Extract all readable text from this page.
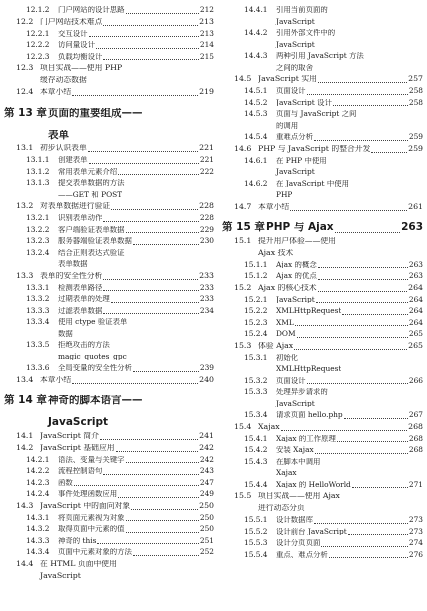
12.1.2	门户网站的设计思路	212
12.2 门户网站技术难点	213
12.2.1	交互设计	213
12.2.2	访问量设计	214
12.2.3	负载均衡设计	215
12.3 项目实战——使用 PHP
缓存动态数据
12.4 本章小结	219
第 13 章 页面的重要组成——
表单
13.1 初步认识表单	221
13.1.1	创建表单	221
13.1.2	常用表单元素介绍	222
13.1.3	提交表单数据的方法
——GET 和 POST
13.2 对表单数据进行验证	228
13.2.1	识别表单动作	228
13.2.2	客户端验证表单数据	229
13.2.3	服务器端验证表单数据	230
13.2.4	结合正则表达式验证
表单数据
13.3 表单的安全性分析	233
13.3.1	检测表单路径	233
13.3.2	过期表单的处理	233
13.3.3	过滤表单数据	234
13.3.4	使用 ctype 验证表单
数据
13.3.5	拒绝攻击的方法
magic_quotes_gpc
13.3.6	全局变量的安全性分析	239
13.4 本章小结	240
第 14 章 神奇的脚本语言——
JavaScript
14.1 JavaScript 简介	241
14.2 JavaScript 基础应用	242
14.2.1	语法、变量与关键字	242
14.2.2	流程控制语句	243
14.2.3	函数	247
14.2.4	事件处理函数应用	249
14.3 JavaScript 中的面向对象	250
14.3.1	将页面元素视为对象	250
14.3.2	取得页面中元素的值	250
14.3.3	神奇的 this	251
14.3.4	页面中元素对象的方法	252
14.4 在 HTML 页面中使用
JavaScript
14.4.1	引用当前页面的
JavaScript
14.4.2	引用外部文件中的
JavaScript
14.4.3	两种引用 JavaScript 方法
之间的取舍
14.5 JavaScript 实用	257
14.5.1	页面设计	258
14.5.2	JavaScript 设计	258
14.5.3	页面与 JavaScript 之间
的调用
14.5.4	重难点分析	259
14.6 PHP 与 JavaScript 的整合开发	259
14.6.1	在 PHP 中使用
JavaScript
14.6.2	在 JavaScript 中使用
PHP
14.7 本章小结	261
第 15 章 PHP 与 Ajax	263
15.1 提升用户体验——使用
Ajax 技术
15.1.1	Ajax 的概念	263
15.1.2	Ajax 的优点	263
15.2 Ajax 的核心技术	264
15.2.1	JavaScript	264
15.2.2	XMLHttpRequest	264
15.2.3	XML	264
15.2.4	DOM	265
15.3 体验 Ajax	265
15.3.1	初始化
XMLHttpRequest
15.3.2	页面设计	266
15.3.3	处理异步请求的
JavaScript
15.3.4	请求页面 hello.php	267
15.4 Xajax	268
15.4.1	Xajax 的工作原理	268
15.4.2	安装 Xajax	268
15.4.3	在脚本中调用
Xajax
15.4.4	Xajax 的 HelloWorld	271
15.5 项目实战——使用 Ajax
进行动态分页
15.5.1	设计数据库	273
15.5.2	设计前台 JavaScript	273
15.5.3	设计分页页面	274
15.5.4	重点、难点分析	276
